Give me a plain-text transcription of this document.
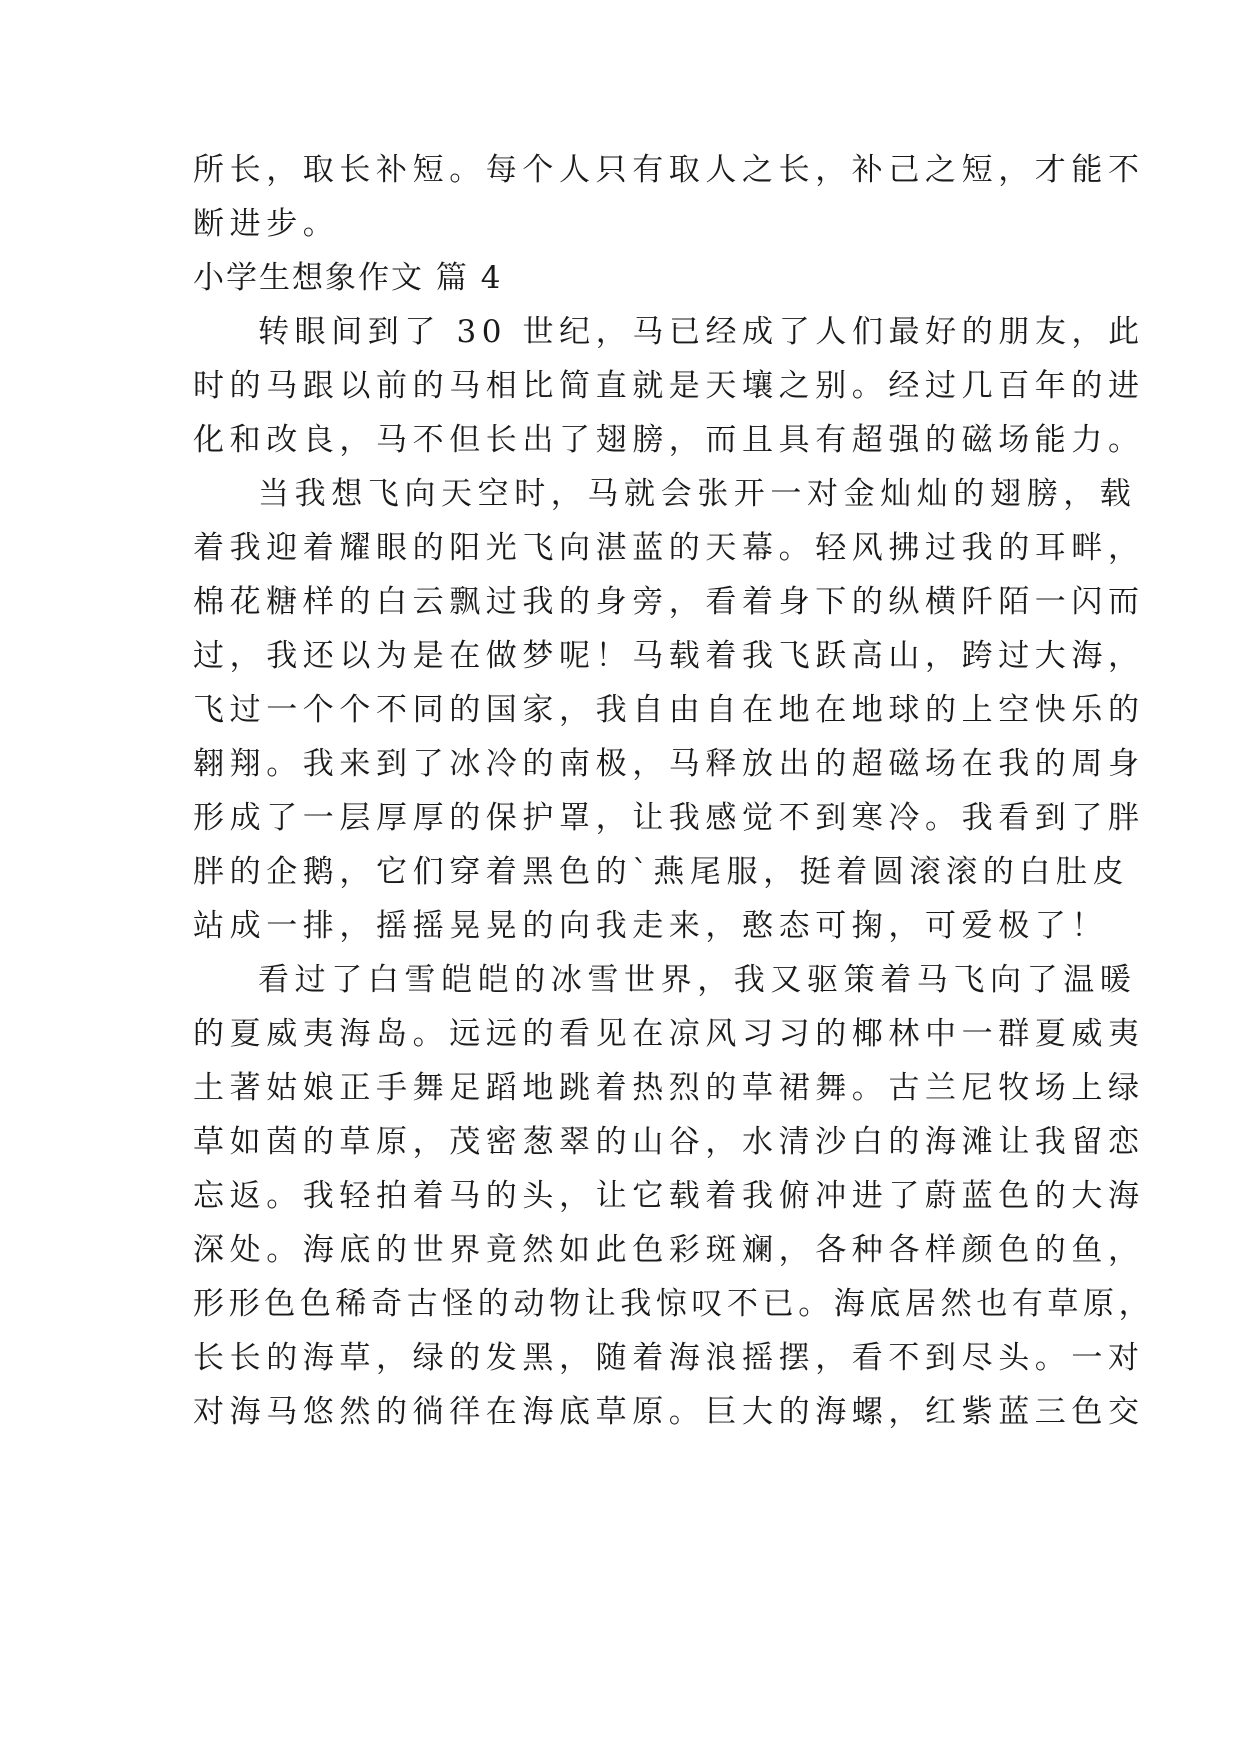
所长，取长补短。每个人只有取人之长，补己之短，才能不
断进步。
小学生想象作文 篇 4
转眼间到了 30 世纪，马已经成了人们最好的朋友，此
时的马跟以前的马相比简直就是天壤之别。经过几百年的进
化和改良，马不但长出了翅膀，而且具有超强的磁场能力。
当我想飞向天空时，马就会张开一对金灿灿的翅膀，载
着我迎着耀眼的阳光飞向湛蓝的天幕。轻风拂过我的耳畔，
棉花糖样的白云飘过我的身旁，看着身下的纵横阡陌一闪而
过，我还以为是在做梦呢！马载着我飞跃高山，跨过大海，
飞过一个个不同的国家，我自由自在地在地球的上空快乐的
翱翔。我来到了冰冷的南极，马释放出的超磁场在我的周身
形成了一层厚厚的保护罩，让我感觉不到寒冷。我看到了胖
胖的企鹅，它们穿着黑色的`燕尾服，挺着圆滚滚的白肚皮
站成一排，摇摇晃晃的向我走来，憨态可掬，可爱极了！
看过了白雪皑皑的冰雪世界，我又驱策着马飞向了温暖
的夏威夷海岛。远远的看见在凉风习习的椰林中一群夏威夷
土著姑娘正手舞足蹈地跳着热烈的草裙舞。古兰尼牧场上绿
草如茵的草原，茂密葱翠的山谷，水清沙白的海滩让我留恋
忘返。我轻拍着马的头，让它载着我俯冲进了蔚蓝色的大海
深处。海底的世界竟然如此色彩斑斓，各种各样颜色的鱼，
形形色色稀奇古怪的动物让我惊叹不已。海底居然也有草原，
长长的海草，绿的发黑，随着海浪摇摆，看不到尽头。一对
对海马悠然的徜徉在海底草原。巨大的海螺，红紫蓝三色交
